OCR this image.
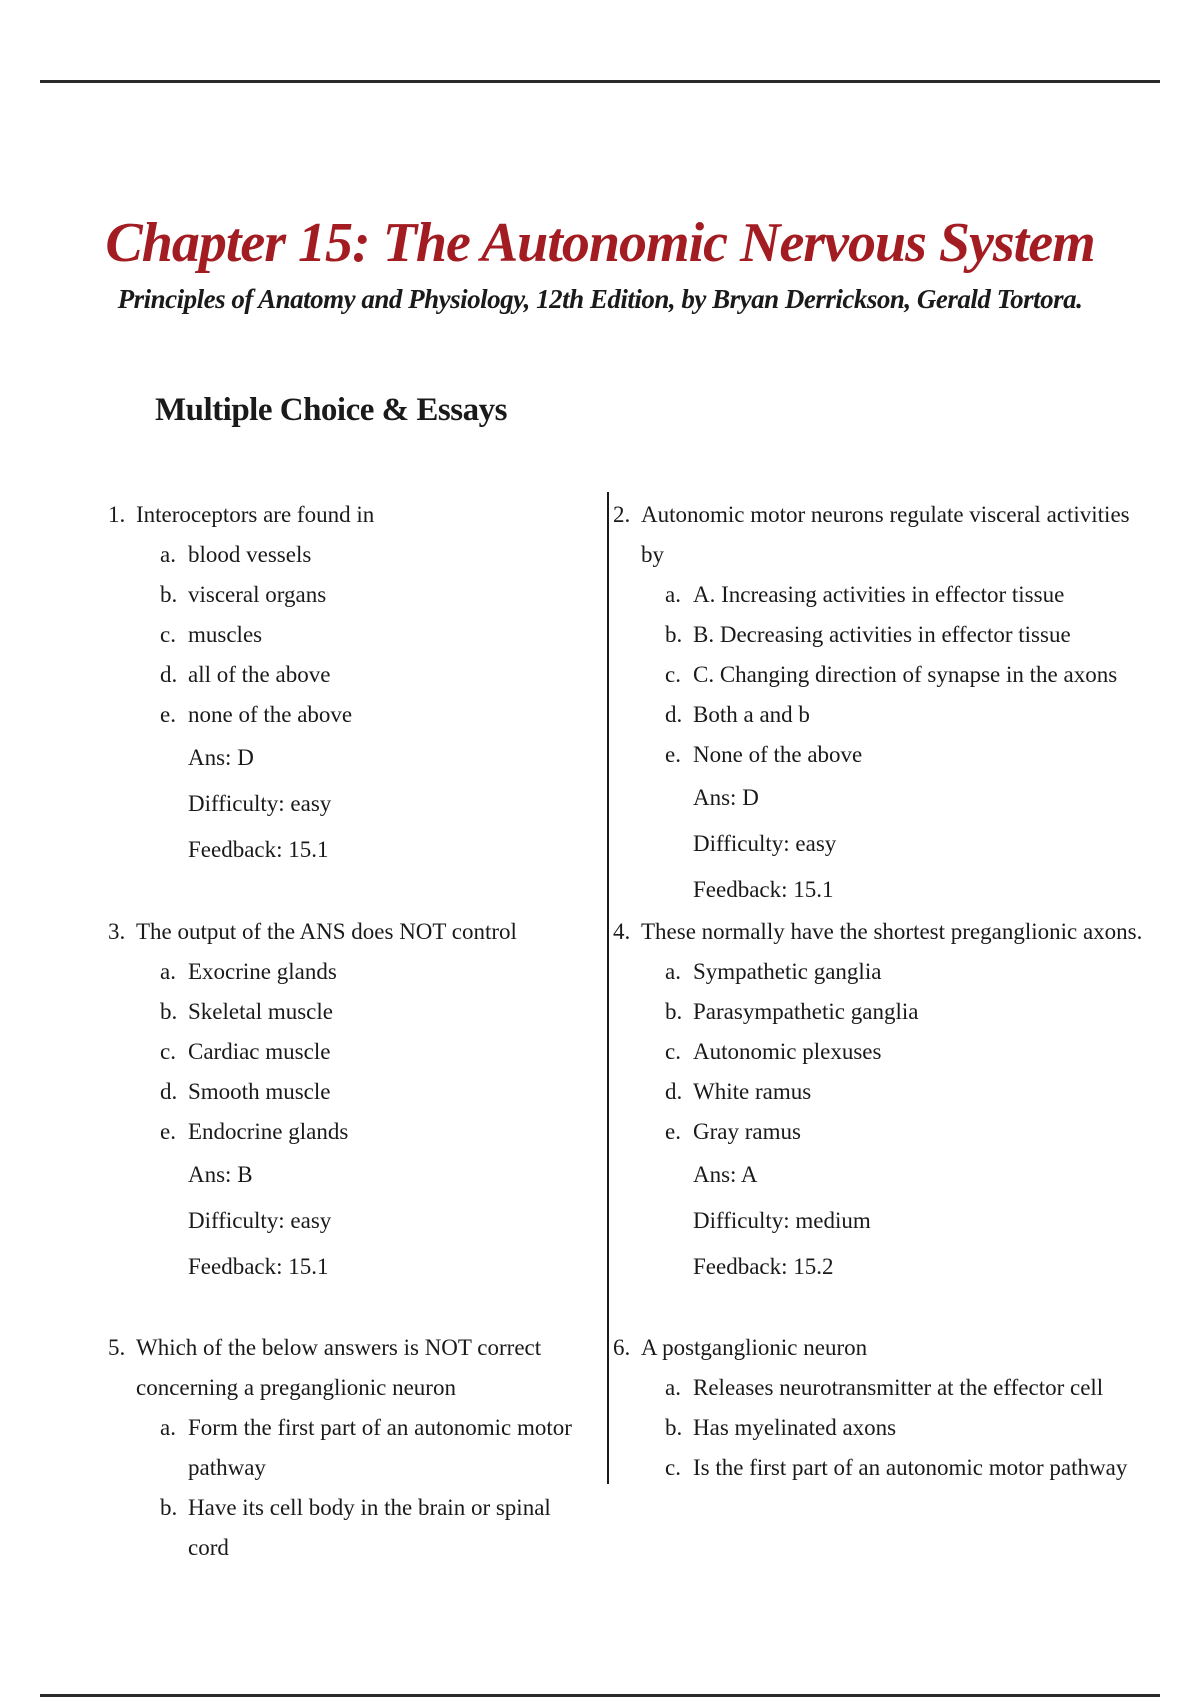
Chapter 15: The Autonomic Nervous System

Principles of Anatomy and Physiology, 12th Edition, by Bryan Derrickson, Gerald Tortora.

Multiple Choice & Essays
1. Interoceptors are found in
a. blood vessels
b. visceral organs
c. muscles
d. all of the above
e. none of the above
Ans: D
Difficulty: easy
Feedback: 15.1
2. Autonomic motor neurons regulate visceral activities by
a. A. Increasing activities in effector tissue
b. B. Decreasing activities in effector tissue
c. C. Changing direction of synapse in the axons
d. Both a and b
e. None of the above
Ans: D
Difficulty: easy
Feedback: 15.1
3. The output of the ANS does NOT control
a. Exocrine glands
b. Skeletal muscle
c. Cardiac muscle
d. Smooth muscle
e. Endocrine glands
Ans: B
Difficulty: easy
Feedback: 15.1
4. These normally have the shortest preganglionic axons.
a. Sympathetic ganglia
b. Parasympathetic ganglia
c. Autonomic plexuses
d. White ramus
e. Gray ramus
Ans: A
Difficulty: medium
Feedback: 15.2
5. Which of the below answers is NOT correct concerning a preganglionic neuron
a. Form the first part of an autonomic motor pathway
b. Have its cell body in the brain or spinal cord
6. A postganglionic neuron
a. Releases neurotransmitter at the effector cell
b. Has myelinated axons
c. Is the first part of an autonomic motor pathway
